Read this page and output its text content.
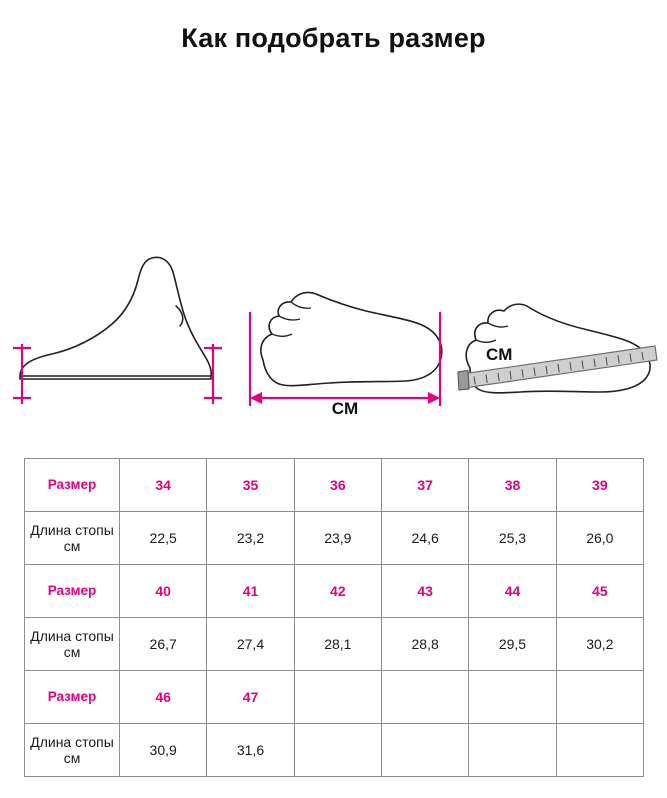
Как подобрать размер
CM
CM
Размер	34	35	36	37	38	39

Длина стопы
см	22,5	23,2	23,9	24,6	25,3	26,0
Размер	40	41	42	43	44	45

Длина стопы
см	26,7	27,4	28,1	28,8	29,5	30,2
Размер	46	47				

Длина стопы
см	30,9	31,6				
